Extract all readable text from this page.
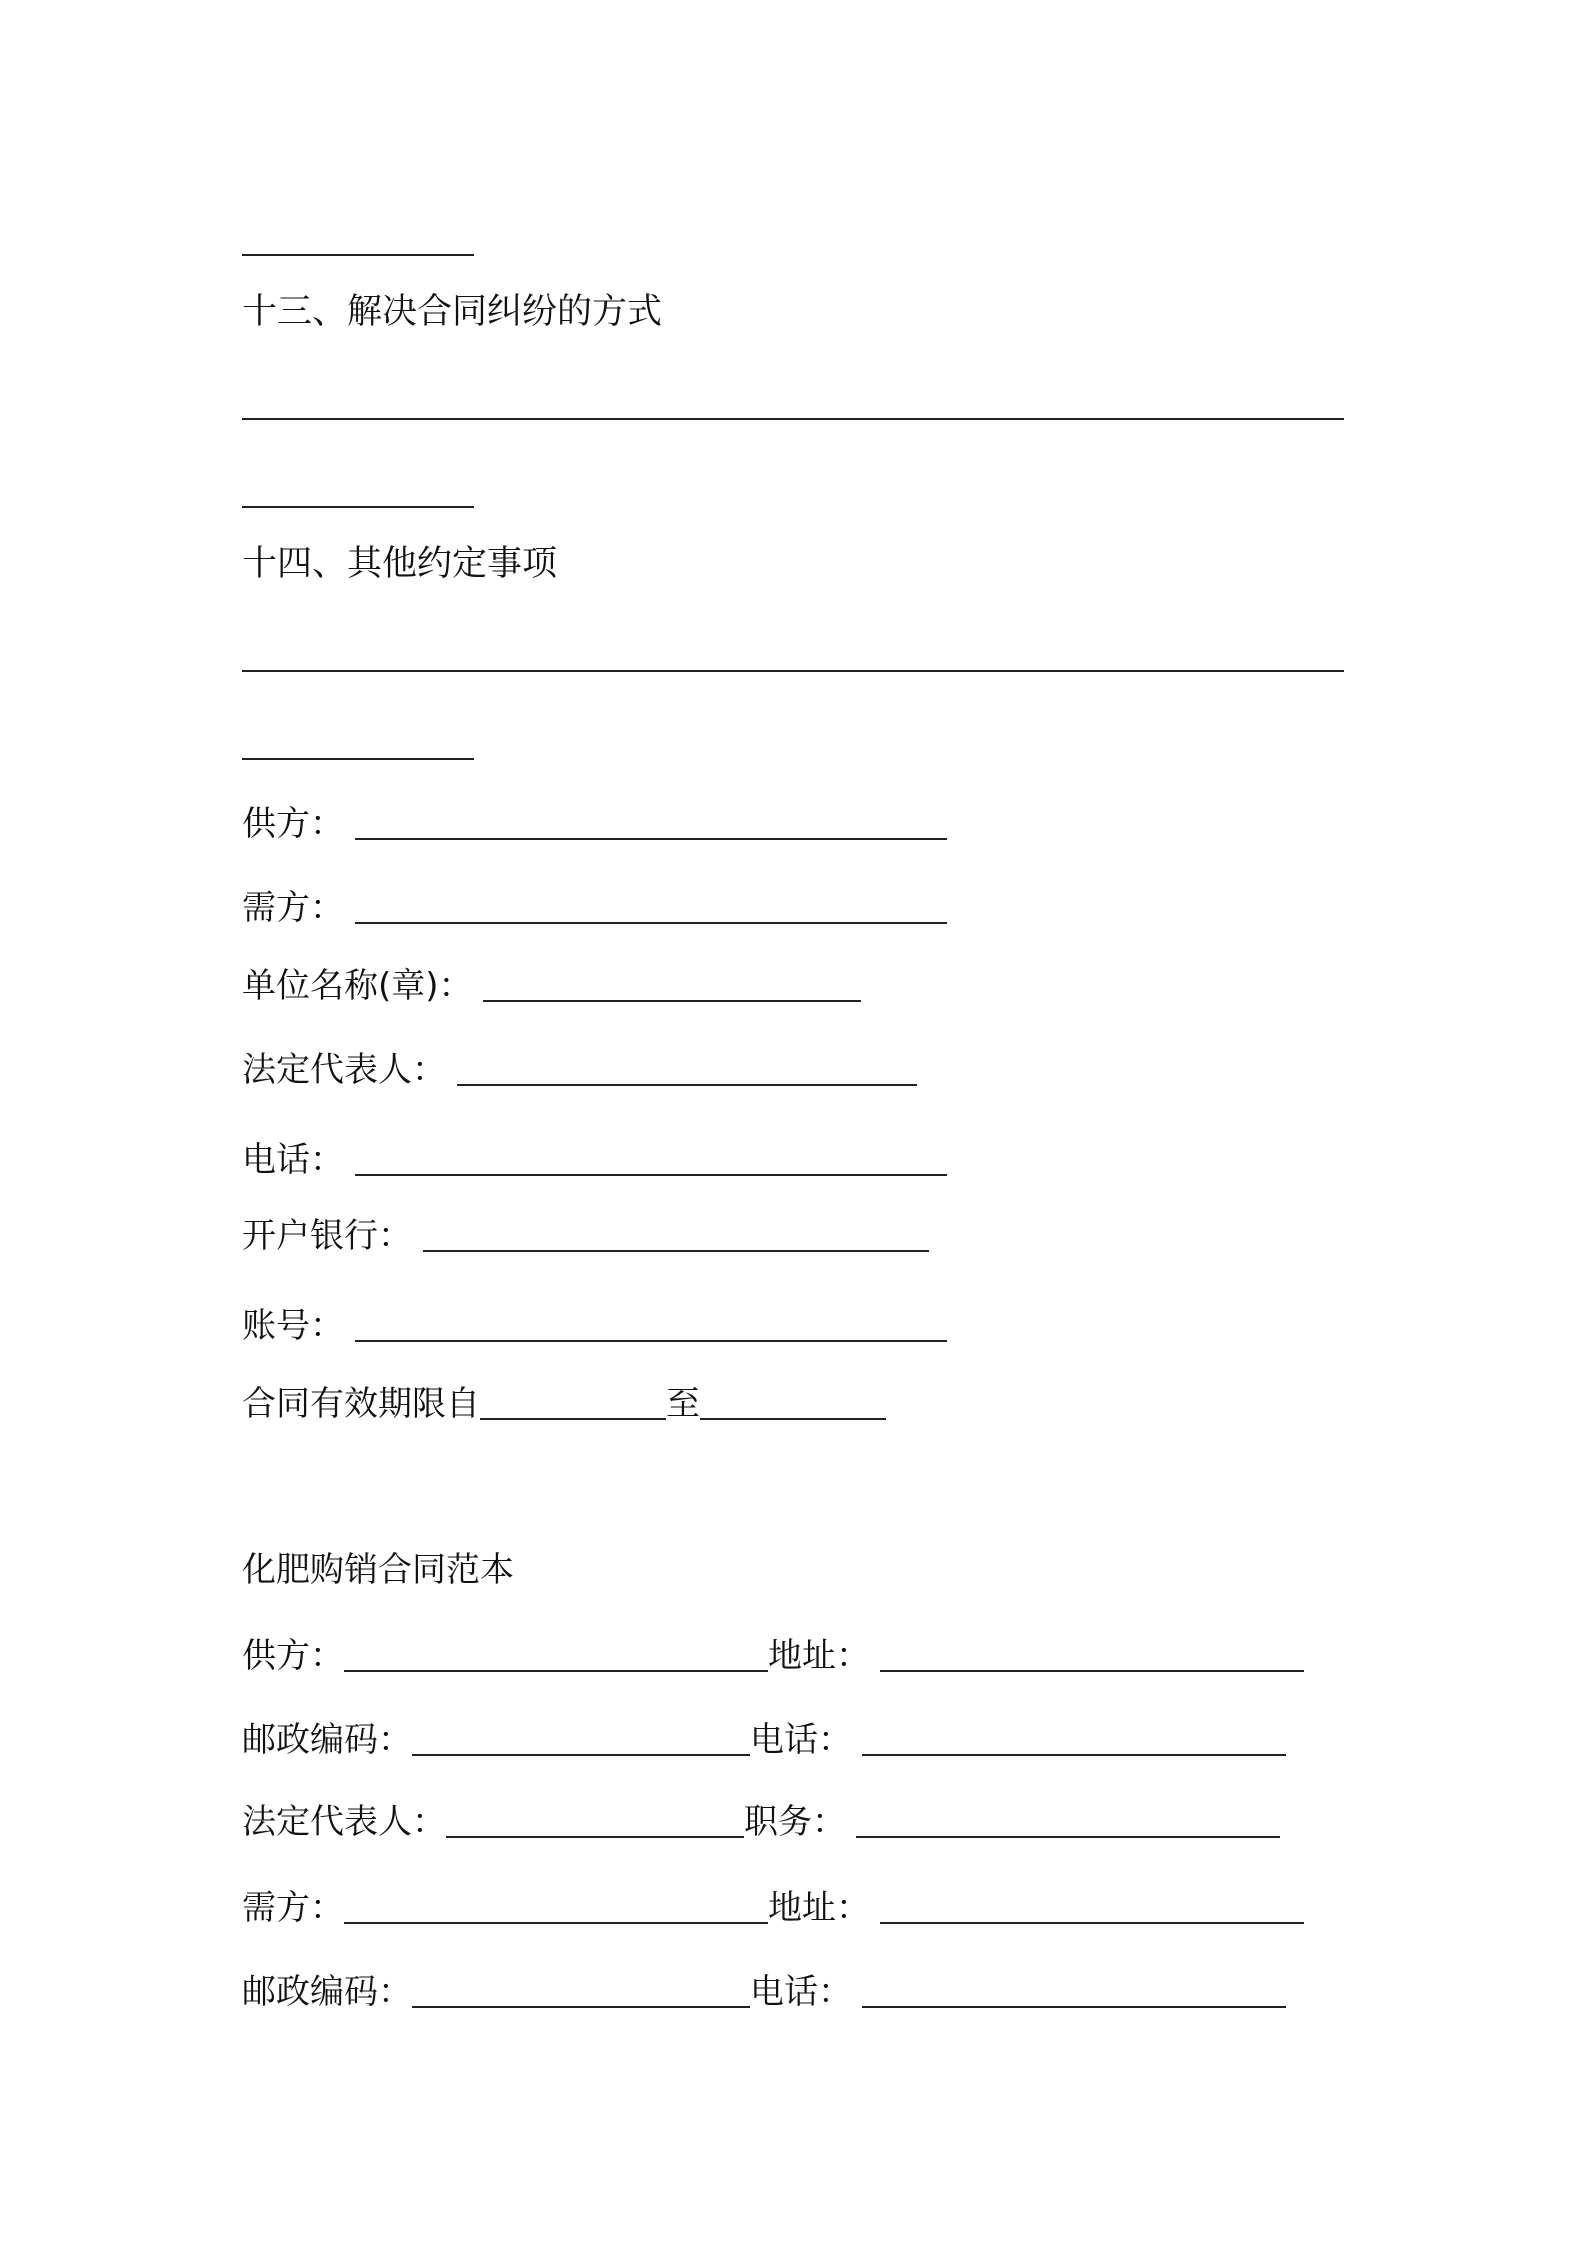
十三、解决合同纠纷的方式
十四、其他约定事项
供方：
需方：
单位名称(章)：
法定代表人：
电话：
开户银行：
账号：
合同有效期限自	至
化肥购销合同范本
供方：	地址：
邮政编码：	电话：
法定代表人：	职务：
需方：	地址：
邮政编码：	电话：
